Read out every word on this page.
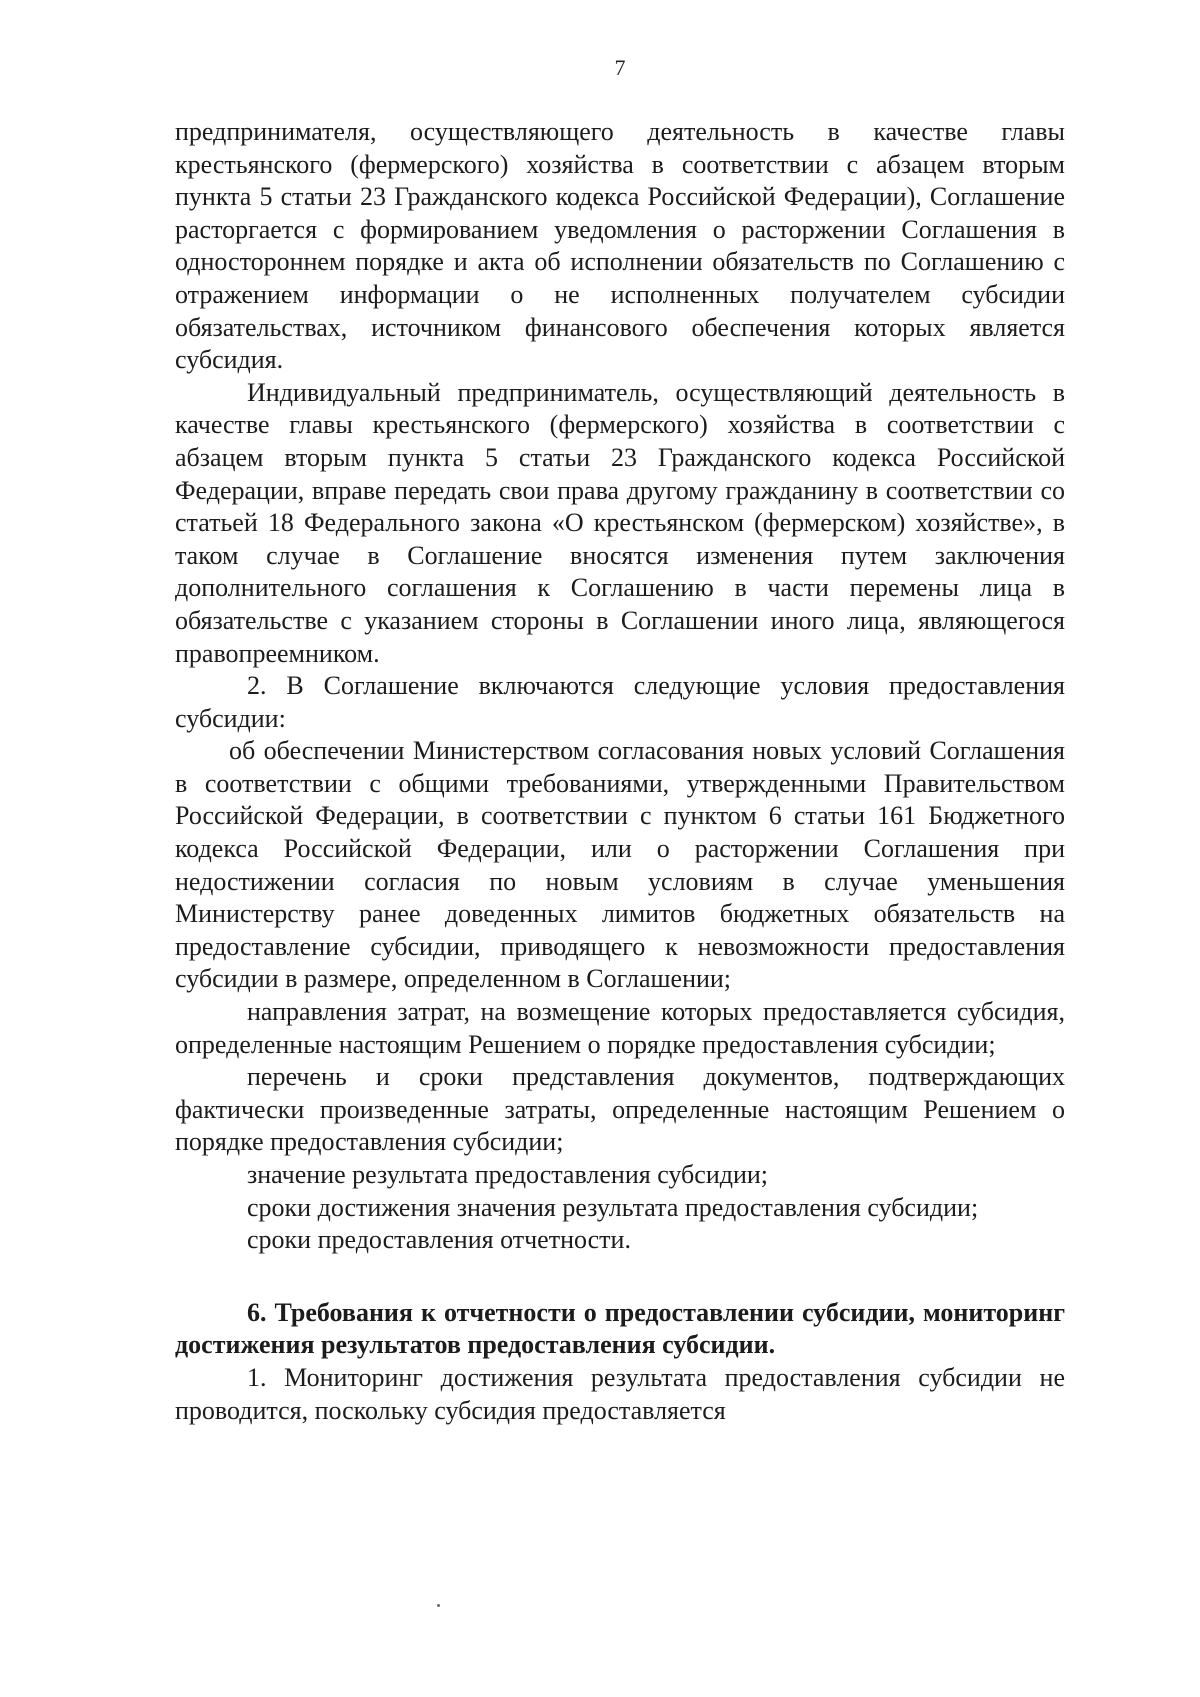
7

предпринимателя, осуществляющего деятельность в качестве главы крестьянского (фермерского) хозяйства в соответствии с абзацем вторым пункта 5 статьи 23 Гражданского кодекса Российской Федерации), Соглашение расторгается с формированием уведомления о расторжении Соглашения в одностороннем порядке и акта об исполнении обязательств по Соглашению с отражением информации о не исполненных получателем субсидии обязательствах, источником финансового обеспечения которых является субсидия.

Индивидуальный предприниматель, осуществляющий деятельность в качестве главы крестьянского (фермерского) хозяйства в соответствии с абзацем вторым пункта 5 статьи 23 Гражданского кодекса Российской Федерации, вправе передать свои права другому гражданину в соответствии со статьей 18 Федерального закона «О крестьянском (фермерском) хозяйстве», в таком случае в Соглашение вносятся изменения путем заключения дополнительного соглашения к Соглашению в части перемены лица в обязательстве с указанием стороны в Соглашении иного лица, являющегося правопреемником.

2. В Соглашение включаются следующие условия предоставления субсидии:

об обеспечении Министерством согласования новых условий Соглашения в соответствии с общими требованиями, утвержденными Правительством Российской Федерации, в соответствии с пунктом 6 статьи 161 Бюджетного кодекса Российской Федерации, или о расторжении Соглашения при недостижении согласия по новым условиям в случае уменьшения Министерству ранее доведенных лимитов бюджетных обязательств на предоставление субсидии, приводящего к невозможности предоставления субсидии в размере, определенном в Соглашении;

направления затрат, на возмещение которых предоставляется субсидия, определенные настоящим Решением о порядке предоставления субсидии;

перечень и сроки представления документов, подтверждающих фактически произведенные затраты, определенные настоящим Решением о порядке предоставления субсидии;

значение результата предоставления субсидии;

сроки достижения значения результата предоставления субсидии;

сроки предоставления отчетности.

6. Требования к отчетности о предоставлении субсидии, мониторинг достижения результатов предоставления субсидии.

1. Мониторинг достижения результата предоставления субсидии не проводится, поскольку субсидия предоставляется
